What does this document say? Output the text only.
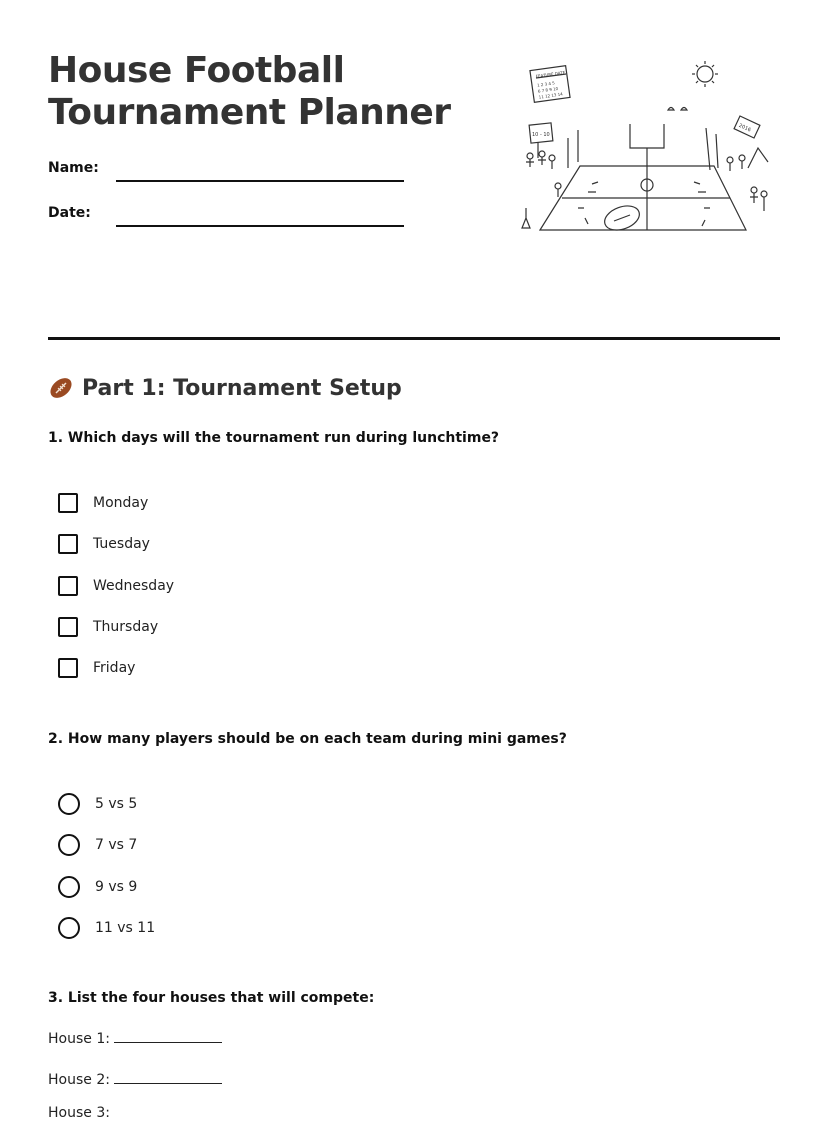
House Football
Tournament Planner
Name:
Date:
FEATURE DATE
1 2 3 4 5
6 7 8 9 10
11 12 13 14
10 - 10
2016
Part 1: Tournament Setup

1. Which days will the tournament run during lunchtime?

Monday
Tuesday
Wednesday
Thursday
Friday

2. How many players should be on each team during mini games?

5 vs 5
7 vs 7
9 vs 9
11 vs 11

3. List the four houses that will compete:

House 1:
House 2:
House 3:
